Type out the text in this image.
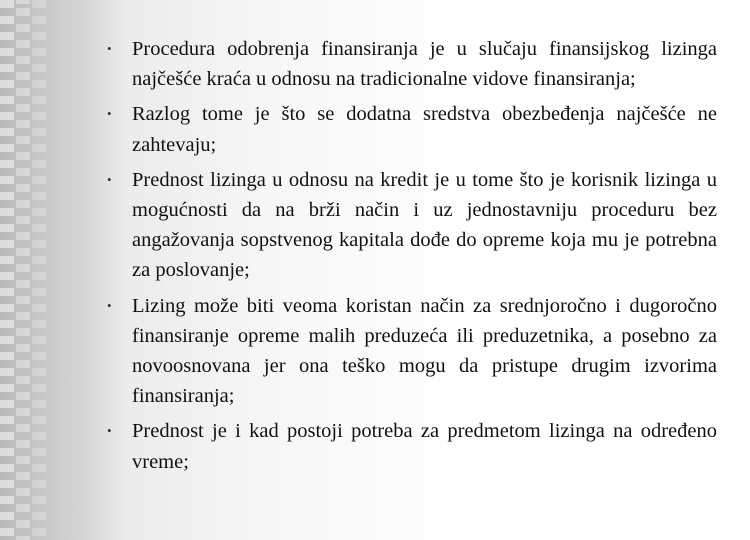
• Procedura odobrenja finansiranja je u slučaju finansijskog lizinga najčešće kraća u odnosu na tradicionalne vidove finansiranja;
• Razlog tome je što se dodatna sredstva obezbeđenja najčešće ne zahtevaju;
• Prednost lizinga u odnosu na kredit je u tome što je korisnik lizinga u mogućnosti da na brži način i uz jednostavniju proceduru bez angažovanja sopstvenog kapitala dođe do opreme koja mu je potrebna za poslovanje;
• Lizing može biti veoma koristan način za srednjoročno i dugoročno finansiranje opreme malih preduzeća ili preduzetnika, a posebno za novoosnovana jer ona teško mogu da pristupe drugim izvorima finansiranja;
• Prednost je i kad postoji potreba za predmetom lizinga na određeno vreme;
